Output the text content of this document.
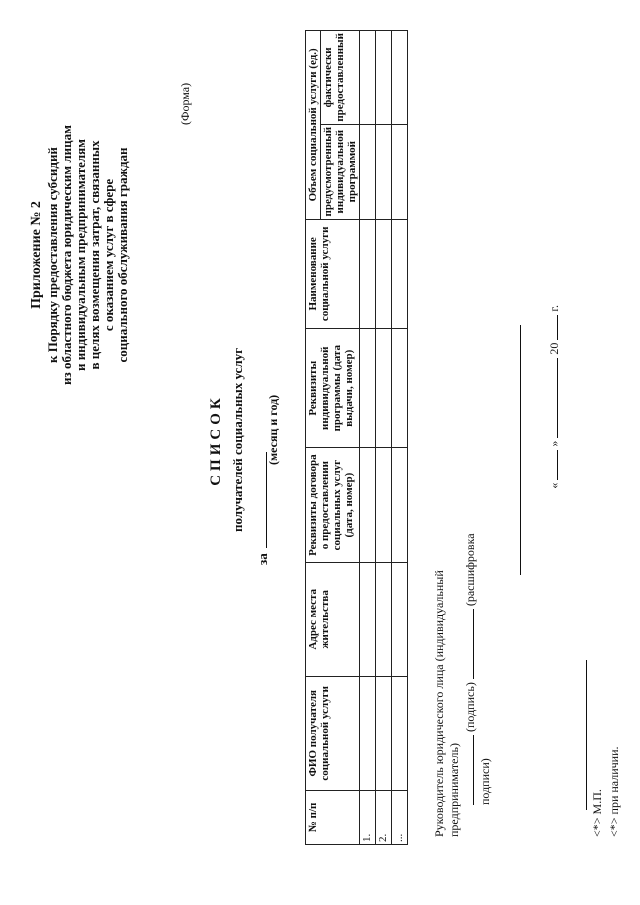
Приложение № 2 к Порядку предоставления субсидий из областного бюджета юридическим лицам и индивидуальным предпринимателям в целях возмещения затрат, связанных с оказанием услуг в сфере социального обслуживания граждан
(Форма)
СПИСОК получателей социальных услуг
за
(месяц и год)
№ п/п	ФИО получателя социальной услуги	Адрес места жительства	Реквизиты договора о предоставлении социальных услуг (дата, номер)	Реквизиты индивидуальной программы (дата выдачи, номер)	Наименование социальной услуги	Объем социальной услуги (ед.)	
						предусмотренный индивидуальной программой	фактически предоставленный
1.							
2.							
...							
Руководитель юридического лица (индивидуальный предприниматель)
(подпись)  (расшифровка подписи)
«  »  20  г.
<*> М.П. <*> при наличии.
